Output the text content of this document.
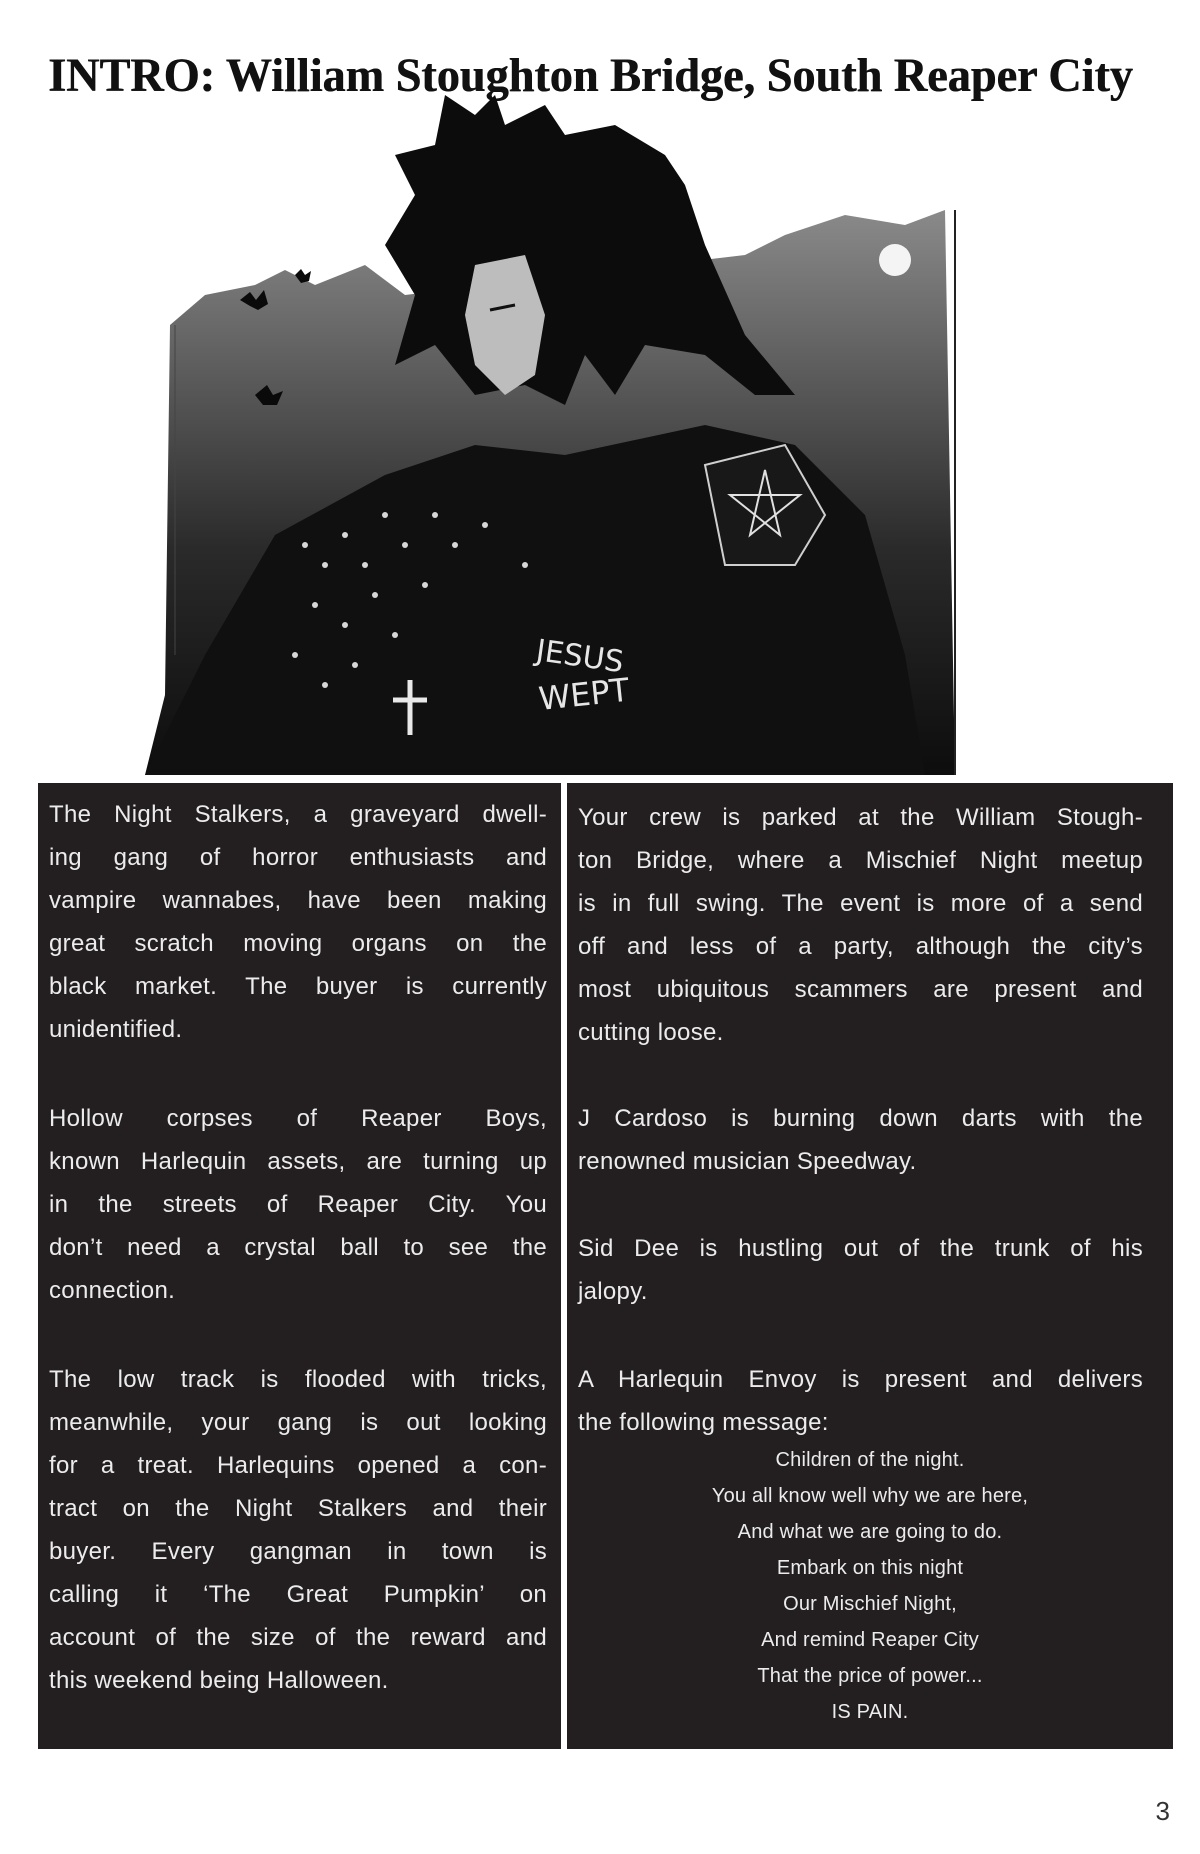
INTRO: William Stoughton Bridge, South Reaper City
JESUS
WEPT
The Night Stalkers, a graveyard dwell-
ing gang of horror enthusiasts and
vampire wannabes, have been making
great scratch moving organs on the
black market. The buyer is currently
unidentified.
Hollow corpses of Reaper Boys,
known Harlequin assets, are turning up
in the streets of Reaper City. You
don’t need a crystal ball to see the
connection.
The low track is flooded with tricks,
meanwhile, your gang is out looking
for a treat. Harlequins opened a con-
tract on the Night Stalkers and their
buyer. Every gangman in town is
calling it ‘The Great Pumpkin’ on
account of the size of the reward and
this weekend being Halloween.
Your crew is parked at the William Stough-
ton Bridge, where a Mischief Night meetup
is in full swing. The event is more of a send
off and less of a party, although the city’s
most ubiquitous scammers are present and
cutting loose.
J Cardoso is burning down darts with the
renowned musician Speedway.
Sid Dee is hustling out of the trunk of his
jalopy.
A Harlequin Envoy is present and delivers
the following message:
Children of the night.
You all know well why we are here,
And what we are going to do.
Embark on this night
Our Mischief Night,
And remind Reaper City
That the price of power...
IS PAIN.
3
